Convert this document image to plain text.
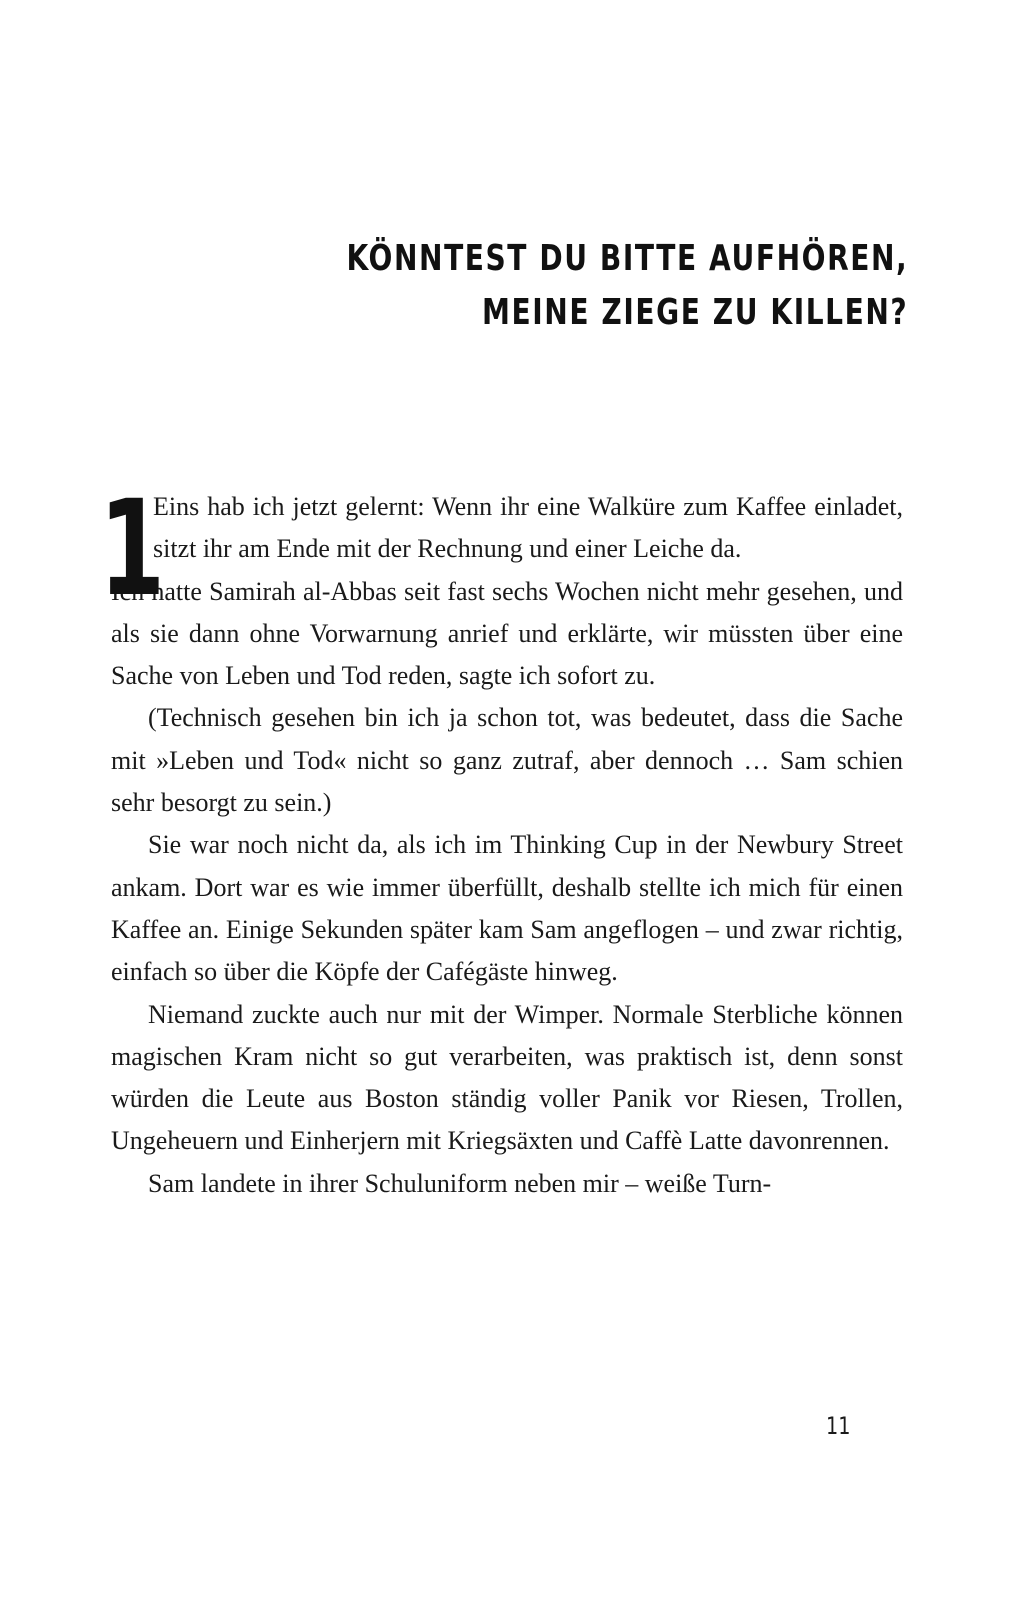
KÖNNTEST DU BITTE AUFHÖREN,
MEINE ZIEGE ZU KILLEN?

1
Eins hab ich jetzt gelernt: Wenn ihr eine Walküre zum Kaffee einladet, sitzt ihr am Ende mit der Rechnung und einer Leiche da.

Ich hatte Samirah al-Abbas seit fast sechs Wochen nicht mehr gesehen, und als sie dann ohne Vorwarnung anrief und erklärte, wir müssten über eine Sache von Leben und Tod reden, sagte ich sofort zu.

(Technisch gesehen bin ich ja schon tot, was bedeutet, dass die Sache mit »Leben und Tod« nicht so ganz zutraf, aber dennoch … Sam schien sehr besorgt zu sein.)

Sie war noch nicht da, als ich im Thinking Cup in der Newbury Street ankam. Dort war es wie immer überfüllt, deshalb stellte ich mich für einen Kaffee an. Einige Sekunden später kam Sam angeflogen – und zwar richtig, einfach so über die Köpfe der Cafégäste hinweg.

Niemand zuckte auch nur mit der Wimper. Normale Sterbliche können magischen Kram nicht so gut verarbeiten, was praktisch ist, denn sonst würden die Leute aus Boston ständig voller Panik vor Riesen, Trollen, Ungeheuern und Einherjern mit Kriegsäxten und Caffè Latte davonrennen.

Sam landete in ihrer Schuluniform neben mir – weiße Turn-

11
